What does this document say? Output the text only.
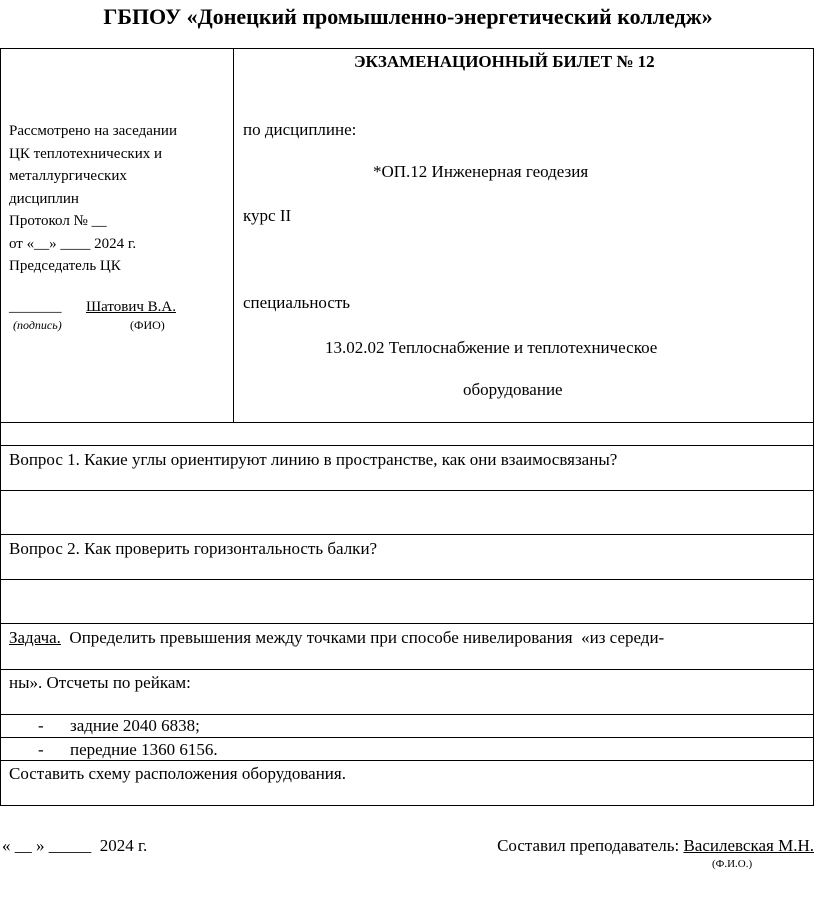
ГБПОУ «Донецкий промышленно-энергетический колледж»
Рассмотрено на заседании
ЦК теплотехнических и
металлургических
дисциплин
Протокол № __
от «__» ____ 2024 г.
Председатель ЦК
_______ Шатович В.А.
(подпись)	(ФИО)
ЭКЗАМЕНАЦИОННЫЙ БИЛЕТ № 12
по дисциплине:
*ОП.12 Инженерная геодезия
курс II
специальность
13.02.02 Теплоснабжение и теплотехническое
оборудование
Вопрос 1. Какие углы ориентируют линию в пространстве, как они взаимосвязаны?
Вопрос 2. Как проверить горизонтальность балки?
Задача.  Определить превышения между точками при способе нивелирования  «из середи-
ны». Отсчеты по рейкам:
- задние 2040 6838;
- передние 1360 6156.
Составить схему расположения оборудования.
« __ » _____  2024 г.	Составил преподаватель: Василевская М.Н.
(Ф.И.О.)
